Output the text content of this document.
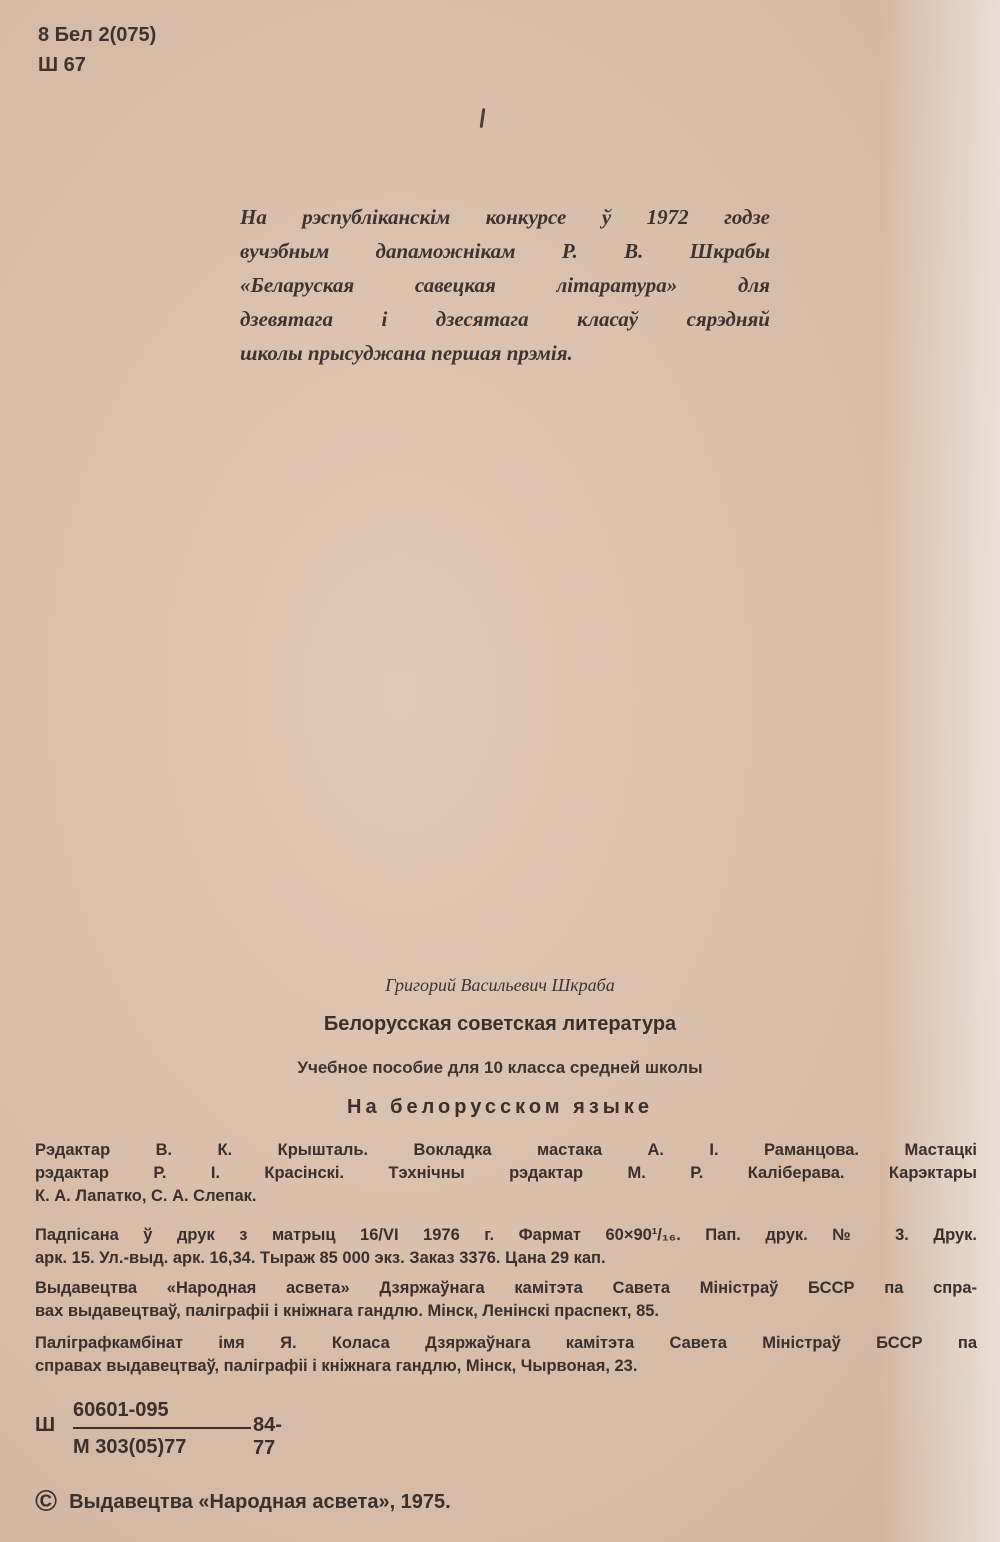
8 Бел 2(075)
Ш 67
На рэспубліканскім конкурсе ў 1972 годзе
вучэбным дапаможнікам Р. В. Шкрабы
«Беларуская савецкая літаратура» для
дзевятага і дзесятага класаў сярэдняй
школы прысуджана першая прэмія.
Григорий Васильевич Шкраба
Белорусская советская литература
Учебное пособие для 10 класса средней школы
На белорусском языке
Рэдактар В. К. Крышталь. Вокладка мастака А. І. Раманцова. Мастацкі
рэдактар Р. І. Красінскі. Тэхнічны рэдактар М. Р. Каліберава. Карэктары
К. А. Лапатко, С. А. Слепак.
Падпісана ў друк з матрыц 16/VI 1976 г. Фармат 60×90¹/₁₆. Пап. друк. № 3. Друк.
арк. 15. Ул.-выд. арк. 16,34. Тыраж 85 000 экз. Заказ 3376. Цана 29 кап.
Выдавецтва «Народная асвета» Дзяржаўнага камітэта Савета Міністраў БССР па спра-
вах выдавецтваў, паліграфіі і кніжнага гандлю. Мінск, Ленінскі праспект, 85.
Паліграфкамбінат імя Я. Коласа Дзяржаўнага камітэта Савета Міністраў БССР па
справах выдавецтваў, паліграфіі і кніжнага гандлю, Мінск, Чырвоная, 23.
Ш
60601-095
М 303(05)77
84-77
© Выдавецтва «Народная асвета», 1975.
